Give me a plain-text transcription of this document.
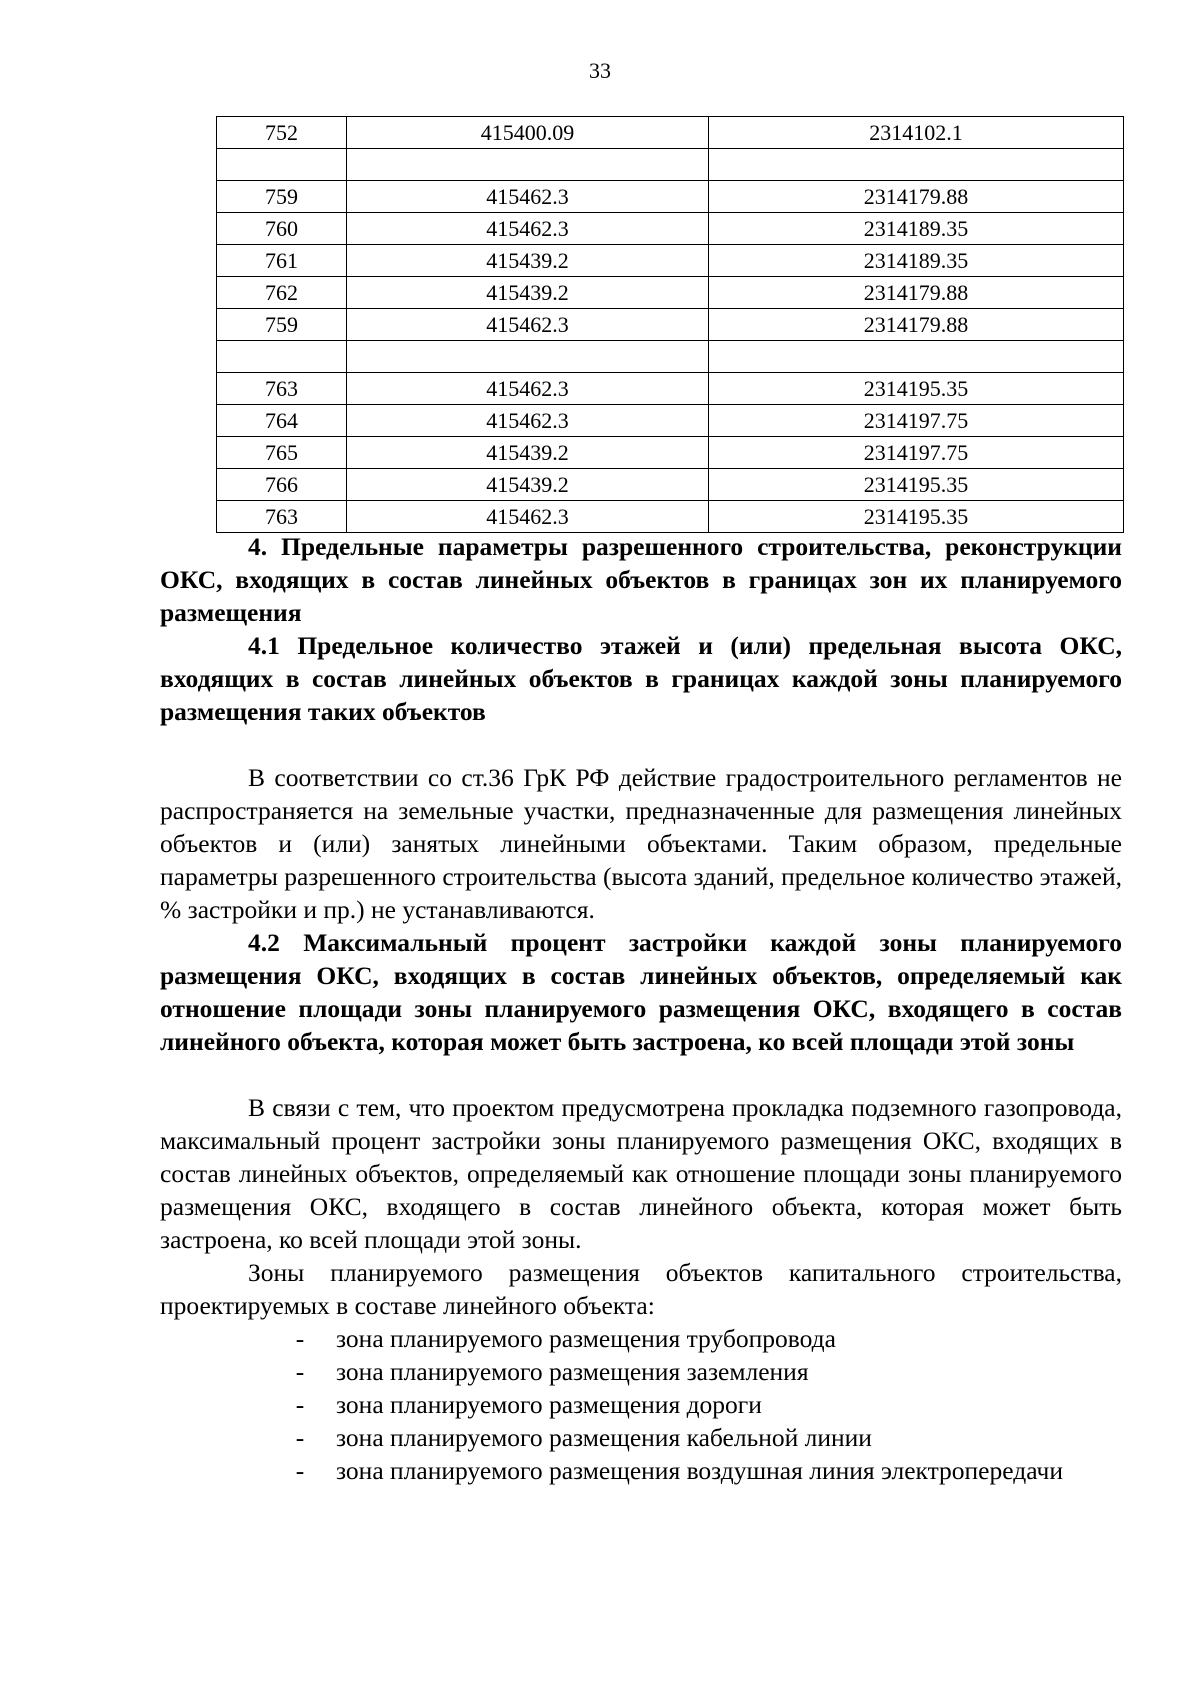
33
752	415400.09	2314102.1

759	415462.3	2314179.88
760	415462.3	2314189.35
761	415439.2	2314189.35
762	415439.2	2314179.88
759	415462.3	2314179.88

763	415462.3	2314195.35
764	415462.3	2314197.75
765	415439.2	2314197.75
766	415439.2	2314195.35
763	415462.3	2314195.35

4. Предельные параметры разрешенного строительства, реконструкции ОКС, входящих в состав линейных объектов в границах зон их планируемого размещения

4.1 Предельное количество этажей и (или) предельная высота ОКС, входящих в состав линейных объектов в границах каждой зоны планируемого размещения таких объектов

В соответствии со ст.36 ГрК РФ действие градостроительного регламентов не распространяется на земельные участки, предназначенные для размещения линейных объектов и (или) занятых линейными объектами. Таким образом, предельные параметры разрешенного строительства (высота зданий, предельное количество этажей, % застройки и пр.) не устанавливаются.

4.2 Максимальный процент застройки каждой зоны планируемого размещения ОКС, входящих в состав линейных объектов, определяемый как отношение площади зоны планируемого размещения ОКС, входящего в состав линейного объекта, которая может быть застроена, ко всей площади этой зоны

В связи с тем, что проектом предусмотрена прокладка подземного газопровода, максимальный процент застройки зоны планируемого размещения ОКС, входящих в состав линейных объектов, определяемый как отношение площади зоны планируемого размещения ОКС, входящего в состав линейного объекта, которая может быть застроена, ко всей площади этой зоны.

Зоны планируемого размещения объектов капитального строительства, проектируемых в составе линейного объекта:

- зона планируемого размещения трубопровода
- зона планируемого размещения заземления
- зона планируемого размещения дороги
- зона планируемого размещения кабельной линии
- зона планируемого размещения воздушная линия электропередачи
